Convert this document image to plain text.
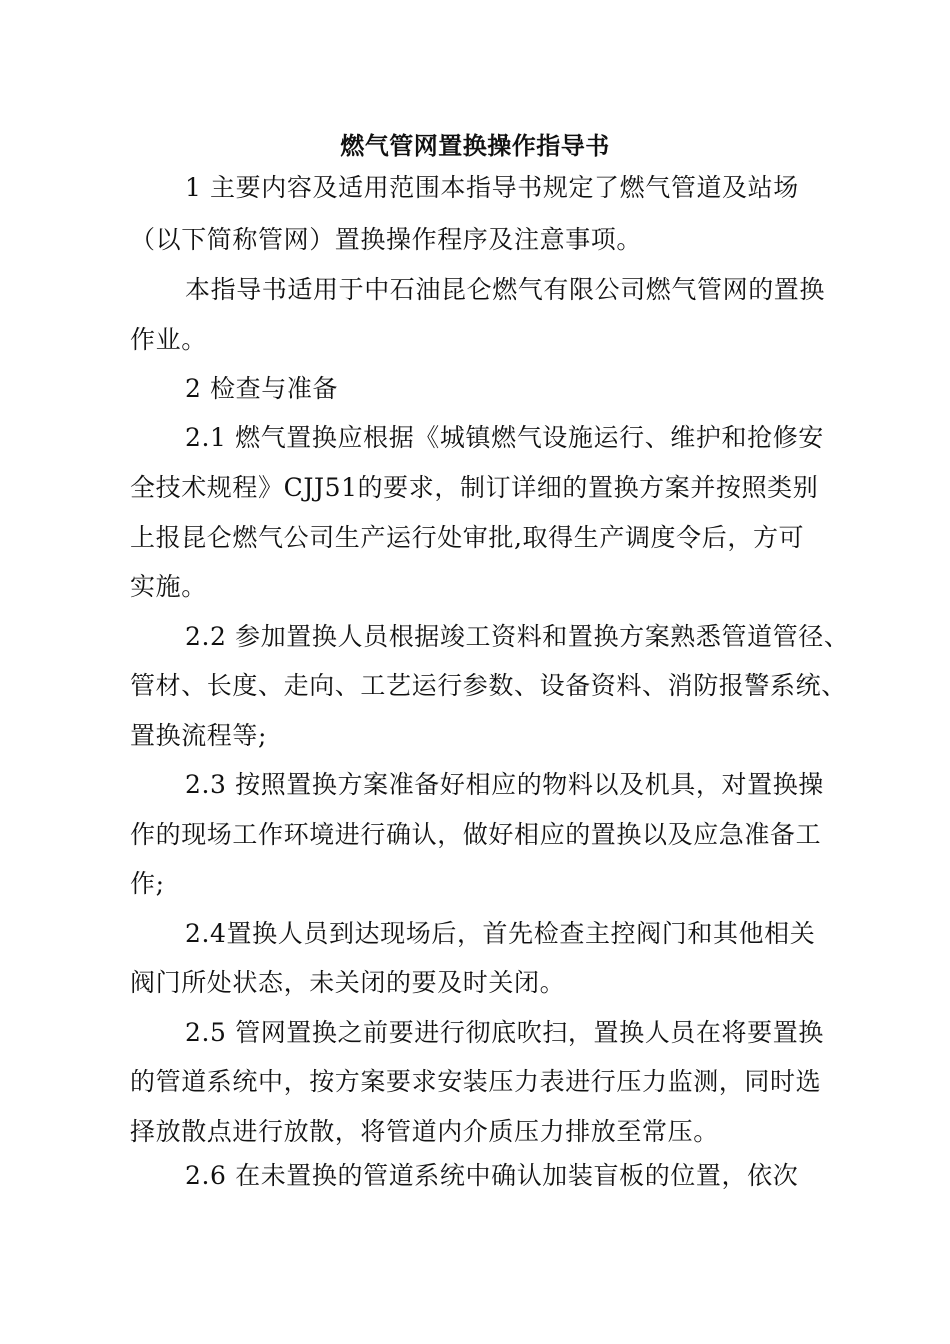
燃气管网置换操作指导书
1 主要内容及适用范围本指导书规定了燃气管道及站场
（以下简称管网）置换操作程序及注意事项。
本指导书适用于中石油昆仑燃气有限公司燃气管网的置换
作业。
2 检查与准备
2.1 燃气置换应根据《城镇燃气设施运行、维护和抢修安
全技术规程》CJJ51的要求，制订详细的置换方案并按照类别
上报昆仑燃气公司生产运行处审批,取得生产调度令后，方可
实施。
2.2 参加置换人员根据竣工资料和置换方案熟悉管道管径、
管材、长度、走向、工艺运行参数、设备资料、消防报警系统、
置换流程等;
2.3 按照置换方案准备好相应的物料以及机具，对置换操
作的现场工作环境进行确认，做好相应的置换以及应急准备工
作;
2.4置换人员到达现场后，首先检查主控阀门和其他相关
阀门所处状态，未关闭的要及时关闭。
2.5 管网置换之前要进行彻底吹扫，置换人员在将要置换
的管道系统中，按方案要求安装压力表进行压力监测，同时选
择放散点进行放散，将管道内介质压力排放至常压。
2.6 在未置换的管道系统中确认加装盲板的位置，依次
